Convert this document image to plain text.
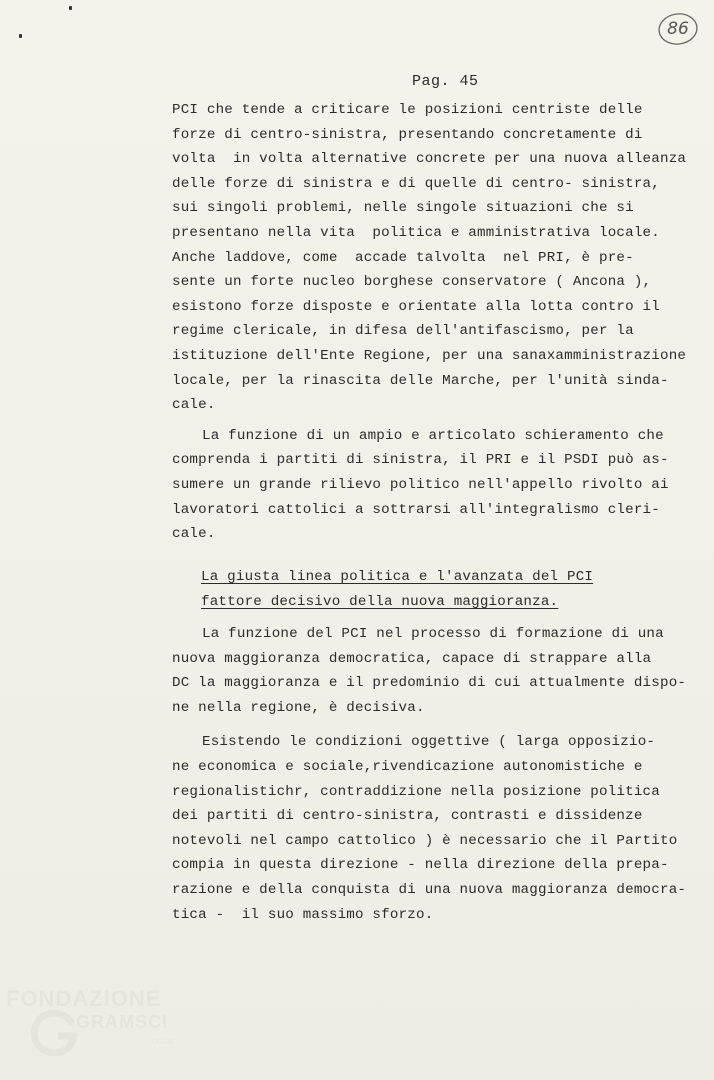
86
Pag. 45
PCI che tende a criticare le posizioni centriste delle
forze di centro-sinistra, presentando concretamente di
volta  in volta alternative concrete per una nuova alleanza
delle forze di sinistra e di quelle di centro- sinistra,
sui singoli problemi, nelle singole situazioni che si
presentano nella vita  politica e amministrativa locale.
Anche laddove, come  accade talvolta  nel PRI, è pre-
sente un forte nucleo borghese conservatore ( Ancona ),
esistono forze disposte e orientate alla lotta contro il
regime clericale, in difesa dell'antifascismo, per la
istituzione dell'Ente Regione, per una sanaxamministrazione
locale, per la rinascita delle Marche, per l'unità sinda-
cale.
La funzione di un ampio e articolato schieramento che
comprenda i partiti di sinistra, il PRI e il PSDI può as-
sumere un grande rilievo politico nell'appello rivolto ai
lavoratori cattolici a sottrarsi all'integralismo cleri-
cale.
La giusta linea politica e l'avanzata del PCI
fattore decisivo della nuova maggioranza.
La funzione del PCI nel processo di formazione di una
nuova maggioranza democratica, capace di strappare alla
DC la maggioranza e il predominio di cui attualmente dispo-
ne nella regione, è decisiva.
Esistendo le condizioni oggettive ( larga opposizio-
ne economica e sociale,rivendicazione autonomistiche e
regionalistichr, contraddizione nella posizione politica
dei partiti di centro-sinistra, contrasti e dissidenze
notevoli nel campo cattolico ) è necessario che il Partito
compia in questa direzione - nella direzione della prepa-
razione e della conquista di una nuova maggioranza democra-
tica -  il suo massimo sforzo.
FONDAZIONE
GRAMSCI
onlus
